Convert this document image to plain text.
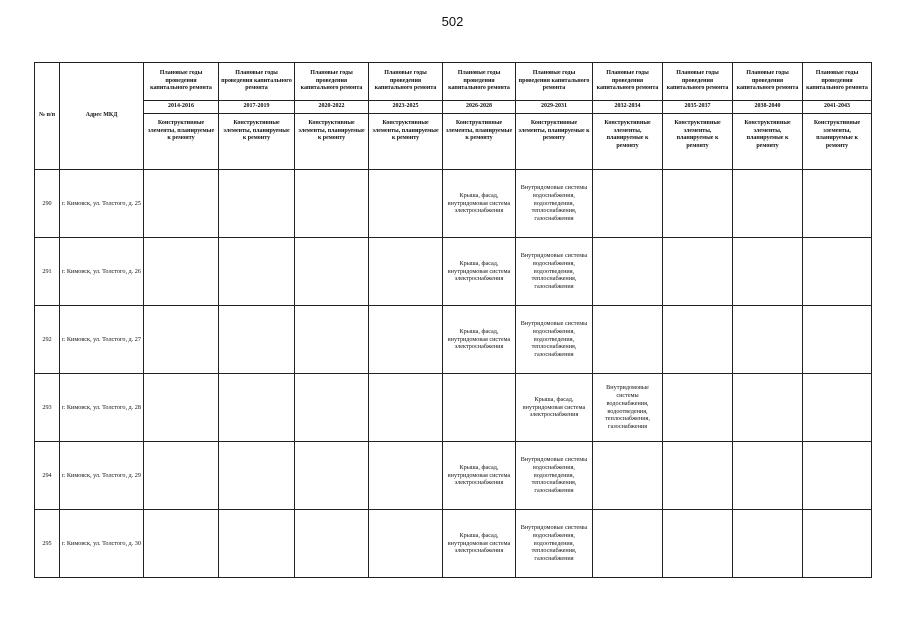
502
№ п/п	Адрес МКД	Плановые годы проведения капитального ремонта	Плановые годы проведения капитального ремонта	Плановые годы проведения капитального ремонта	Плановые годы проведения капитального ремонта	Плановые годы проведения капитального ремонта	Плановые годы проведения капитального ремонта	Плановые годы проведения капитального ремонта	Плановые годы проведения капитального ремонта	Плановые годы проведения капитального ремонта	Плановые годы проведения капитального ремонта
		2014-2016	2017-2019	2020-2022	2023-2025	2026-2028	2029-2031	2032-2034	2035-2037	2038-2040	2041-2043
		Конструктивные элементы, планируемые к ремонту	Конструктивные элементы, планируемые к ремонту	Конструктивные элементы, планируемые к ремонту	Конструктивные элементы, планируемые к ремонту	Конструктивные элементы, планируемые к ремонту	Конструктивные элементы, планируемые к ремонту	Конструктивные элементы, планируемые к ремонту	Конструктивные элементы, планируемые к ремонту	Конструктивные элементы, планируемые к ремонту	Конструктивные элементы, планируемые к ремонту
290	г. Кимовск, ул. Толстого, д. 25					Крыша, фасад, внутридомовая система электроснабжения	Внутридомовые системы водоснабжения, водоотведения, теплоснабжения, газоснабжения				
291	г. Кимовск, ул. Толстого, д. 26					Крыша, фасад, внутридомовая система электроснабжения	Внутридомовые системы водоснабжения, водоотведения, теплоснабжения, газоснабжения				
292	г. Кимовск, ул. Толстого, д. 27					Крыша, фасад, внутридомовая система электроснабжения	Внутридомовые системы водоснабжения, водоотведения, теплоснабжения, газоснабжения				
293	г. Кимовск, ул. Толстого, д. 28						Крыша, фасад, внутридомовая система электроснабжения	Внутридомовые системы водоснабжения, водоотведения, теплоснабжения, газоснабжения			
294	г. Кимовск, ул. Толстого, д. 29					Крыша, фасад, внутридомовая система электроснабжения	Внутридомовые системы водоснабжения, водоотведения, теплоснабжения, газоснабжения				
295	г. Кимовск, ул. Толстого, д. 30					Крыша, фасад, внутридомовая система электроснабжения	Внутридомовые системы водоснабжения, водоотведения, теплоснабжения, газоснабжения				
